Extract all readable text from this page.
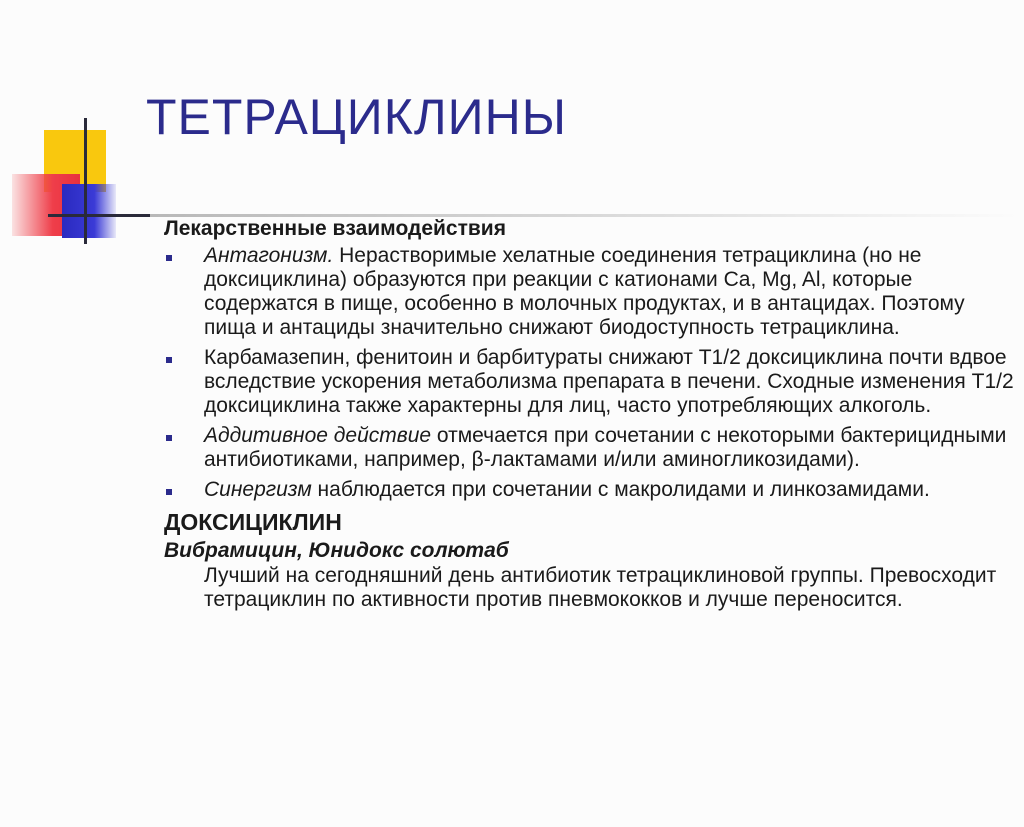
ТЕТРАЦИКЛИНЫ

Лекарственные взаимодействия

Антагонизм. Нерастворимые хелатные соединения тетрациклина (но не доксициклина) образуются при реакции с катионами Ca, Mg, Al, которые содержатся в пище, особенно в молочных продуктах, и в антацидах. Поэтому пища и антациды значительно снижают биодоступность тетрациклина.
Карбамазепин, фенитоин и барбитураты снижают T1/2 доксициклина почти вдвое вследствие ускорения метаболизма препарата в печени. Сходные изменения T1/2 доксициклина также характерны для лиц, часто употребляющих алкоголь.
Аддитивное действие отмечается при сочетании с некоторыми бактерицидными антибиотиками, например, β-лактамами и/или аминогликозидами).
Синергизм наблюдается при сочетании с макролидами и линкозамидами.

ДОКСИЦИКЛИН

Вибрамицин, Юнидокс солютаб

Лучший на сегодняшний день антибиотик тетрациклиновой группы. Превосходит тетрациклин по активности против пневмококков и лучше переносится.
